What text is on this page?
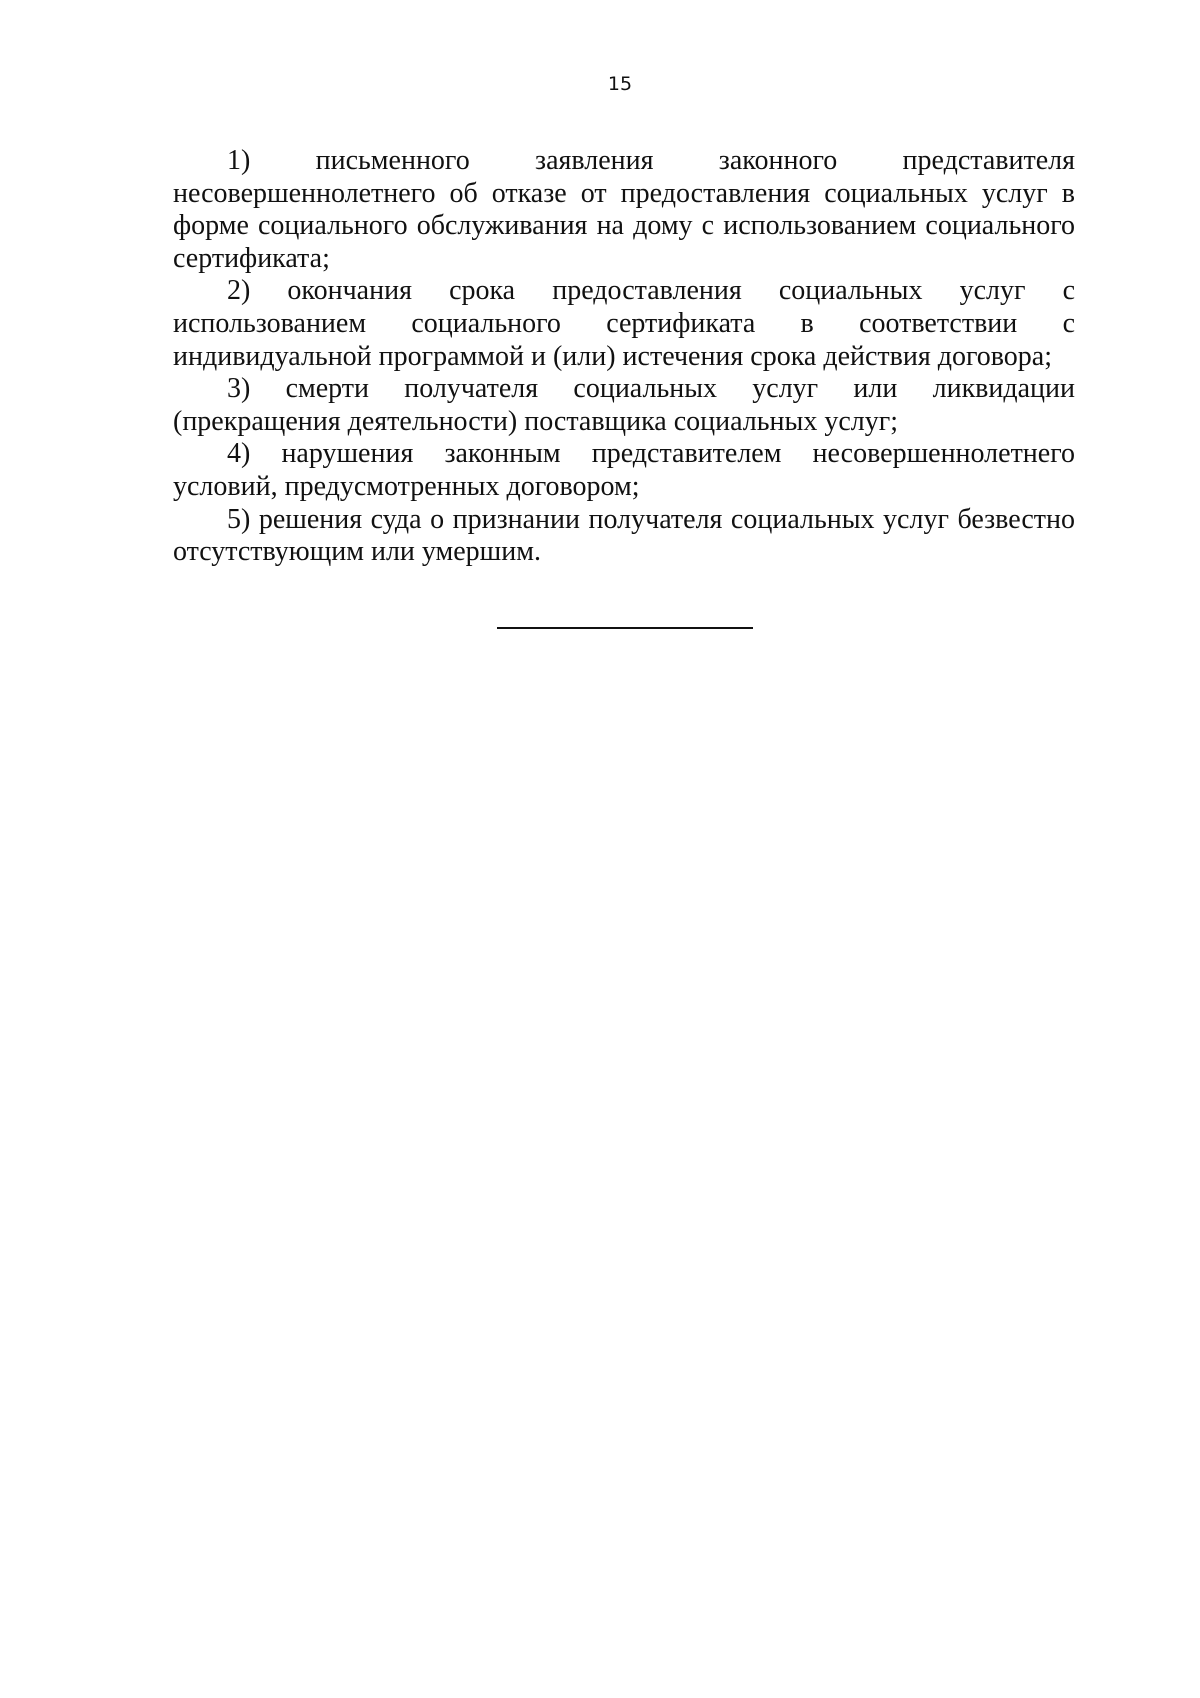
15

1) письменного заявления законного представителя несовершеннолетнего об отказе от предоставления социальных услуг в форме социального обслуживания на дому с использованием социального сертификата;

2) окончания срока предоставления социальных услуг с использованием социального сертификата в соответствии с индивидуальной программой и (или) истечения срока действия договора;

3) смерти получателя социальных услуг или ликвидации (прекращения деятельности) поставщика социальных услуг;

4) нарушения законным представителем несовершеннолетнего условий, предусмотренных договором;

5) решения суда о признании получателя социальных услуг безвестно отсутствующим или умершим.
